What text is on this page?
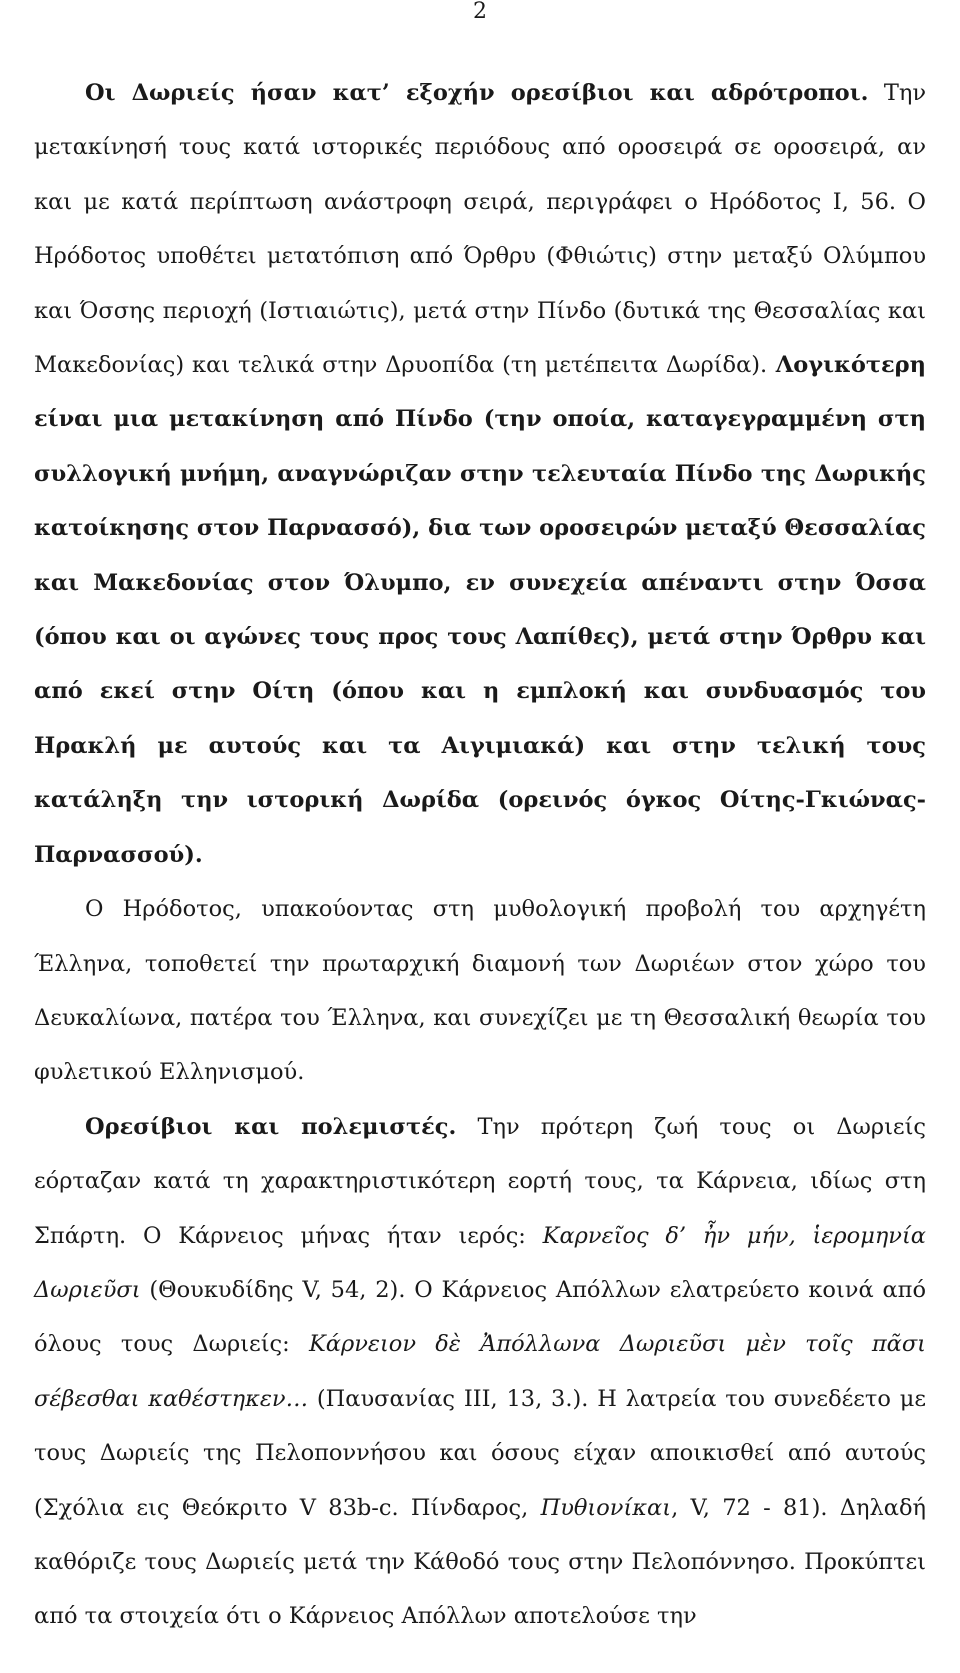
2

Οι Δωριείς ήσαν κατ’ εξοχήν ορεσίβιοι και αδρότροποι. Την μετακίνησή τους κατά ιστορικές περιόδους από οροσειρά σε οροσειρά, αν και με κατά περίπτωση ανάστροφη σειρά, περιγράφει ο Ηρόδοτος Ι, 56. Ο Ηρόδοτος υποθέτει μετατόπιση από Όρθρυ (Φθιώτις) στην μεταξύ Ολύμπου και Όσσης περιοχή (Ιστιαιώτις), μετά στην Πίνδο (δυτικά της Θεσσαλίας και Μακεδονίας) και τελικά στην Δρυοπίδα (τη μετέπειτα Δωρίδα). Λογικότερη είναι μια μετακίνηση από Πίνδο (την οποία, καταγεγραμμένη στη συλλογική μνήμη, αναγνώριζαν στην τελευταία Πίνδο της Δωρικής κατοίκησης στον Παρνασσό), δια των οροσειρών μεταξύ Θεσσαλίας και Μακεδονίας στον Όλυμπο, εν συνεχεία απέναντι στην Όσσα (όπου και οι αγώνες τους προς τους Λαπίθες), μετά στην Όρθρυ και από εκεί στην Οίτη (όπου και η εμπλοκή και συνδυασμός του Ηρακλή με αυτούς και τα Αιγιμιακά) και στην τελική τους κατάληξη την ιστορική Δωρίδα (ορεινός όγκος Οίτης-Γκιώνας-Παρνασσού).

Ο Ηρόδοτος, υπακούοντας στη μυθολογική προβολή του αρχηγέτη Έλληνα, τοποθετεί την πρωταρχική διαμονή των Δωριέων στον χώρο του Δευκαλίωνα, πατέρα του Έλληνα, και συνεχίζει με τη Θεσσαλική θεωρία του φυλετικού Ελληνισμού.

Ορεσίβιοι και πολεμιστές. Την πρότερη ζωή τους οι Δωριείς εόρταζαν κατά τη χαρακτηριστικότερη εορτή τους, τα Κάρνεια, ιδίως στη Σπάρτη. Ο Κάρνειος μήνας ήταν ιερός: Καρνεῖος δ’ ἦν μήν, ἱερομηνία Δωριεῦσι (Θουκυδίδης V, 54, 2). Ο Κάρνειος Απόλλων ελατρεύετο κοινά από όλους τους Δωριείς: Κάρνειον δὲ Ἀπόλλωνα Δωριεῦσι μὲν τοῖς πᾶσι σέβεσθαι καθέστηκεν… (Παυσανίας ΙΙΙ, 13, 3.). Η λατρεία του συνεδέετο με τους Δωριείς της Πελοποννήσου και όσους είχαν αποικισθεί από αυτούς (Σχόλια εις Θεόκριτο V 83b-c. Πίνδαρος, Πυθιονίκαι, V, 72 - 81). Δηλαδή καθόριζε τους Δωριείς μετά την Κάθοδό τους στην Πελοπόννησο. Προκύπτει από τα στοιχεία ότι ο Κάρνειος Απόλλων αποτελούσε την
